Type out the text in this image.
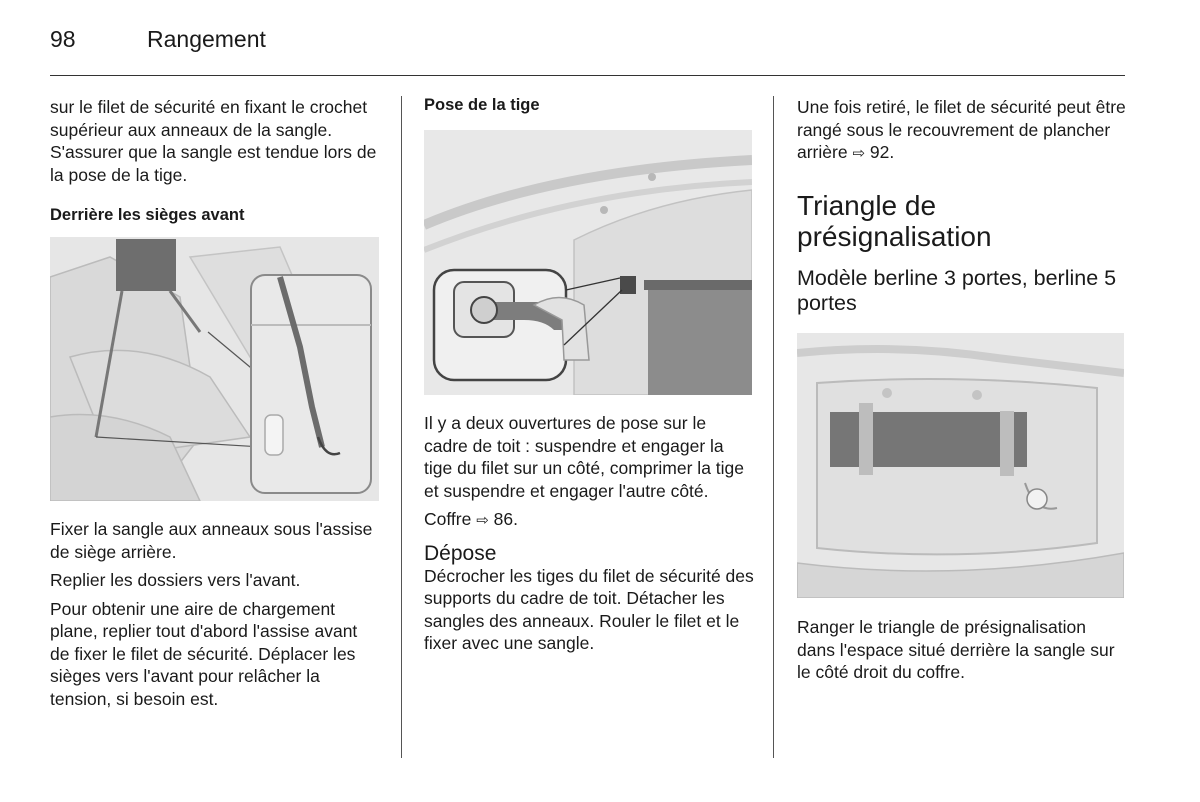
98	Rangement

sur le filet de sécurité en fixant le crochet supérieur aux anneaux de la sangle. S'assurer que la sangle est tendue lors de la pose de la tige.

Derrière les sièges avant

Fixer la sangle aux anneaux sous l'assise de siège arrière.

Replier les dossiers vers l'avant.

Pour obtenir une aire de chargement plane, replier tout d'abord l'assise avant de fixer le filet de sécurité. Déplacer les sièges vers l'avant pour relâcher la tension, si besoin est.

Pose de la tige

Il y a deux ouvertures de pose sur le cadre de toit : suspendre et engager la tige du filet sur un côté, comprimer la tige et suspendre et engager l'autre côté.

Coffre ⇨ 86.

Dépose

Décrocher les tiges du filet de sécurité des supports du cadre de toit. Détacher les sangles des anneaux. Rouler le filet et le fixer avec une sangle.

Une fois retiré, le filet de sécurité peut être rangé sous le recouvrement de plancher arrière ⇨ 92.

Triangle de présignalisation

Modèle berline 3 portes, berline 5 portes

Ranger le triangle de présignalisation dans l'espace situé derrière la sangle sur le côté droit du coffre.
